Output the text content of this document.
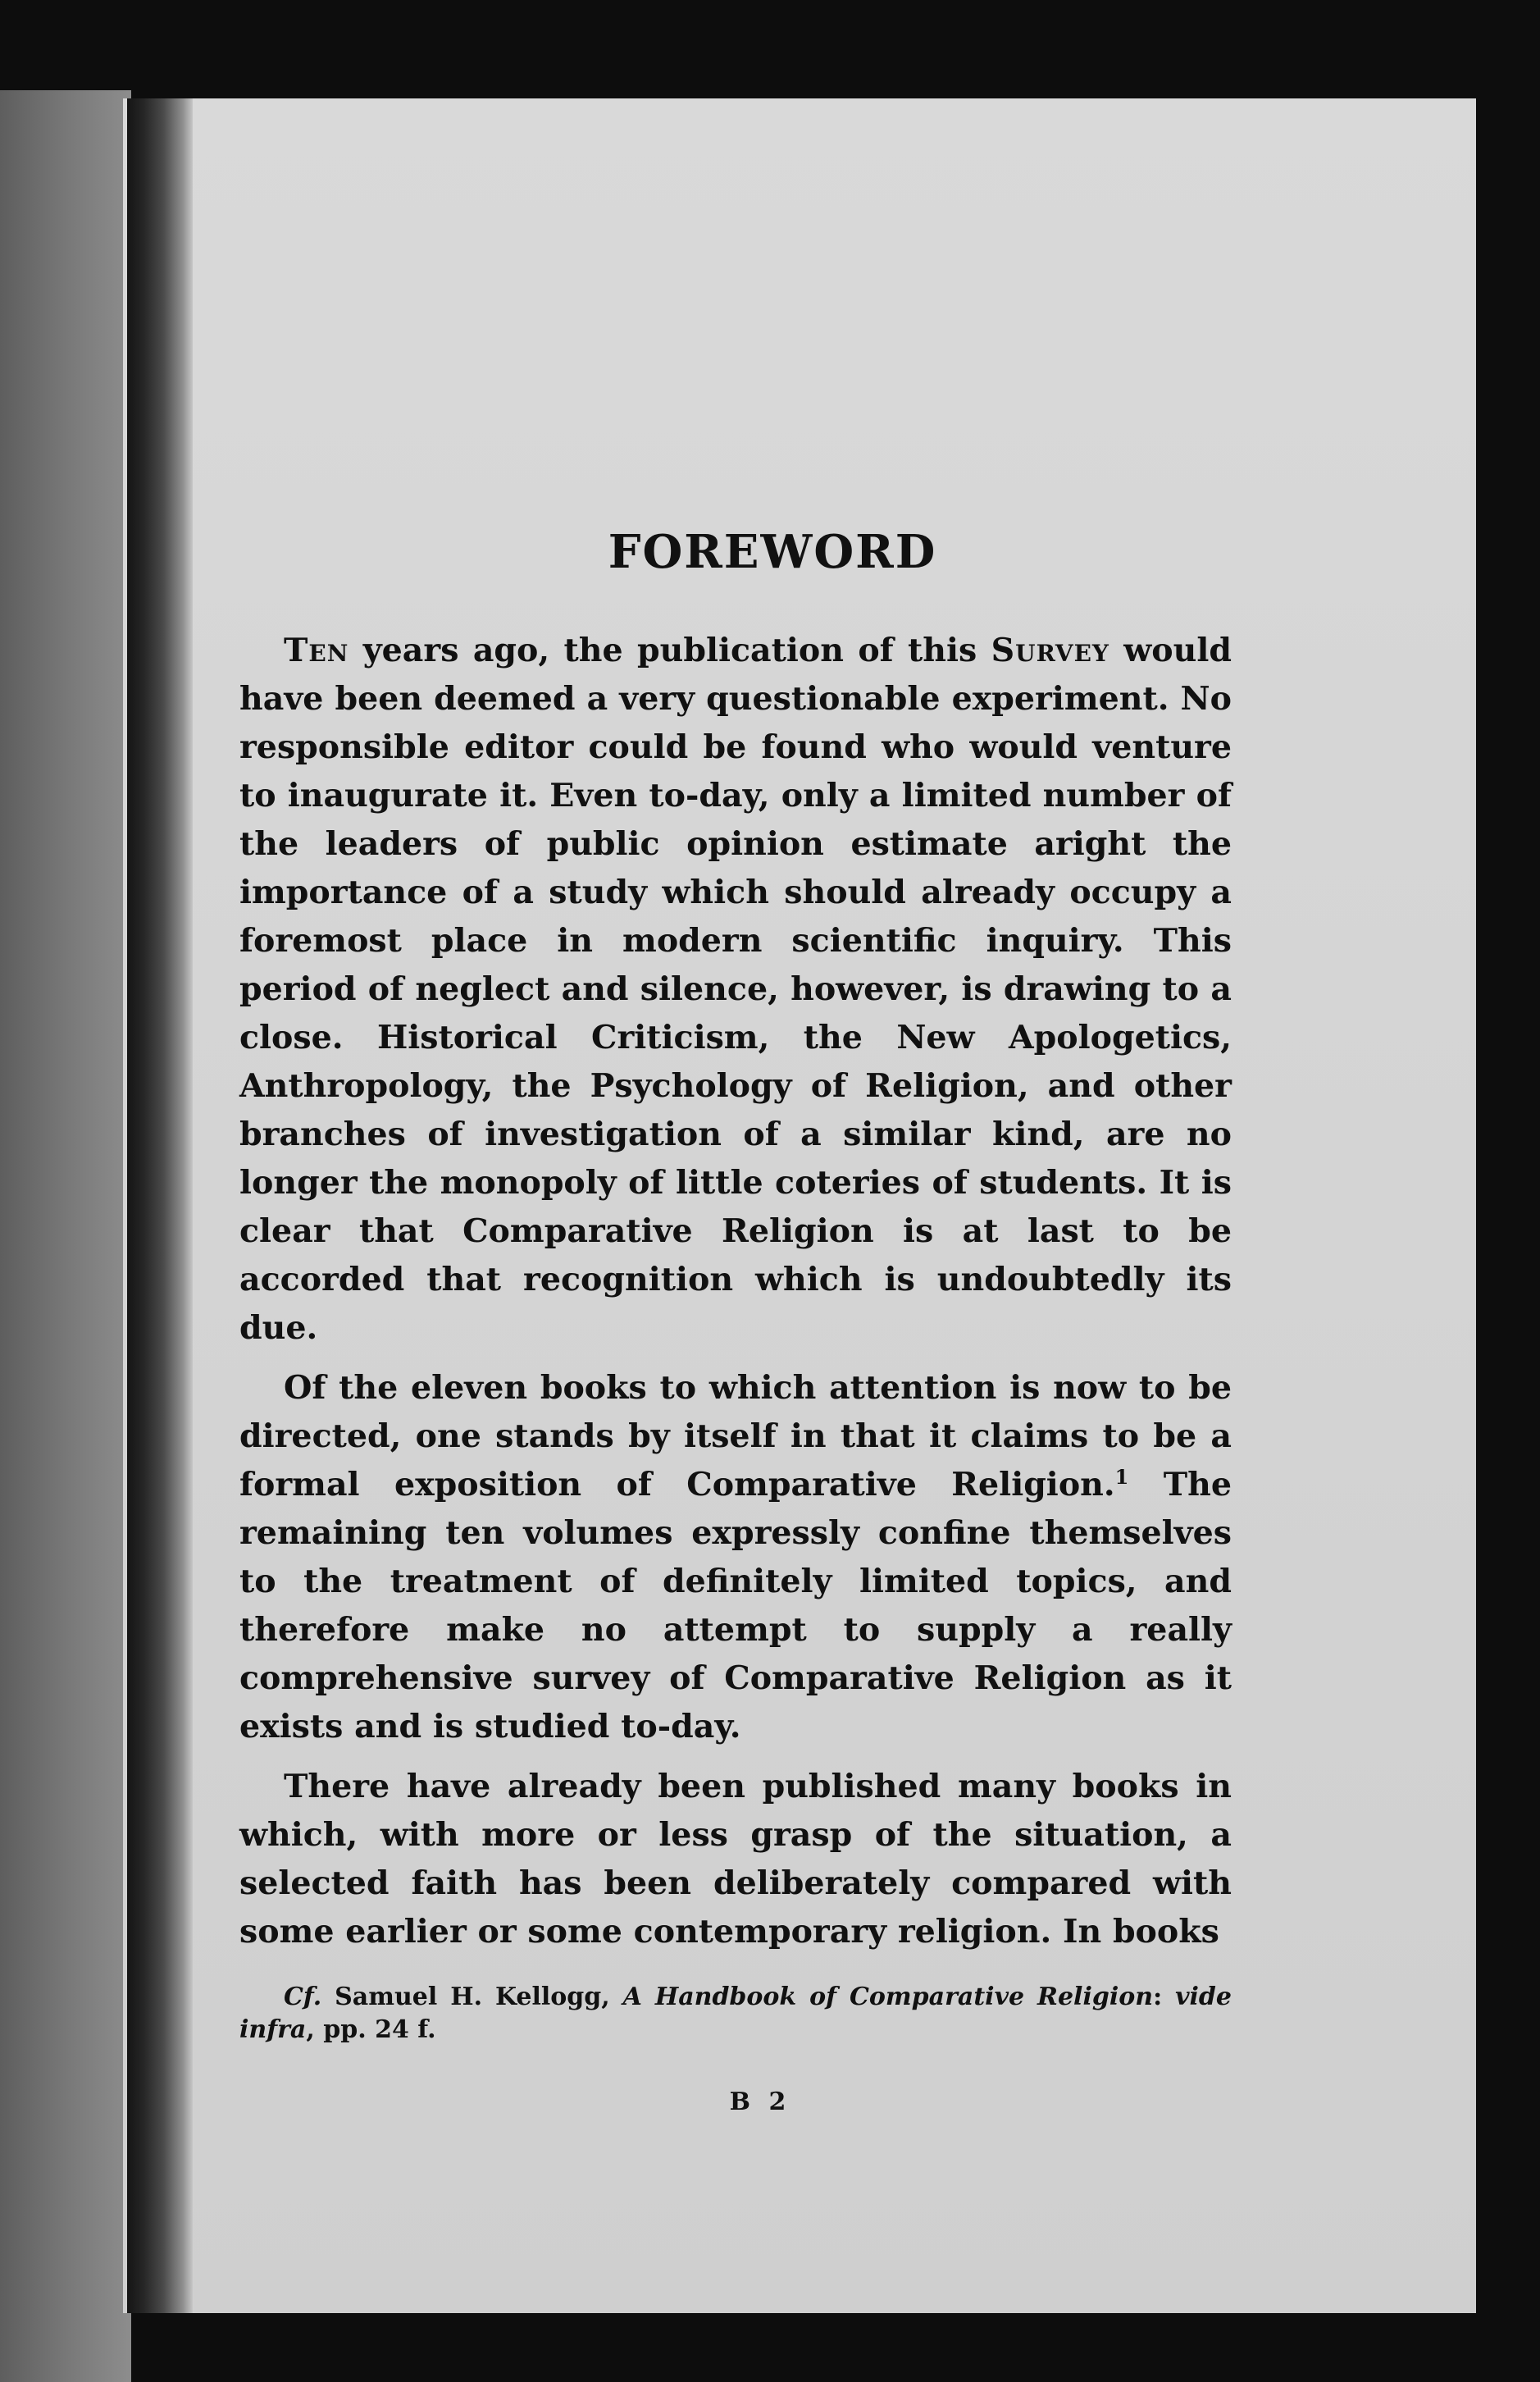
FOREWORD

Ten years ago, the publication of this Survey would have been deemed a very questionable experiment. No responsible editor could be found who would venture to inaugurate it. Even to-day, only a limited number of the leaders of public opinion estimate aright the importance of a study which should already occupy a foremost place in modern scientific inquiry. This period of neglect and silence, however, is drawing to a close. Historical Criticism, the New Apologetics, Anthropology, the Psychology of Religion, and other branches of investigation of a similar kind, are no longer the monopoly of little coteries of students. It is clear that Comparative Religion is at last to be accorded that recognition which is undoubtedly its due.

Of the eleven books to which attention is now to be directed, one stands by itself in that it claims to be a formal exposition of Comparative Religion.$^1$ The remaining ten volumes expressly confine themselves to the treatment of definitely limited topics, and therefore make no attempt to supply a really comprehensive survey of Comparative Religion as it exists and is studied to-day.

There have already been published many books in which, with more or less grasp of the situation, a selected faith has been deliberately compared with some earlier or some contemporary religion. In books

Cf. Samuel H. Kellogg, A Handbook of Comparative Religion: vide infra, pp. 24 f.

B 2
